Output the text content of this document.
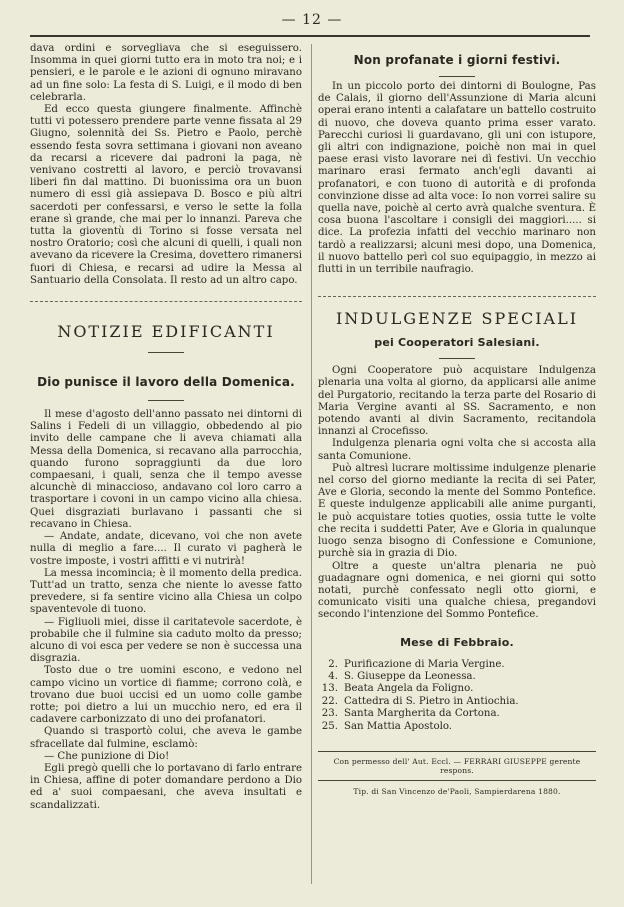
— 12 —

dava ordini e sorvegliava che si eseguissero. Insomma in quei giorni tutto era in moto tra noi; e i pensieri, e le parole e le azioni di ognuno miravano ad un fine solo: La festa di S. Luigi, e il modo di ben celebrarla.

Ed ecco questa giungere finalmente. Affinchè tutti vi potessero prendere parte venne fissata al 29 Giugno, solennità dei Ss. Pietro e Paolo, perchè essendo festa sovra settimana i giovani non aveano da recarsi a ricevere dai padroni la paga, nè venivano costretti al lavoro, e perciò trovavansi liberi fin dal mattino. Di buonissima ora un buon numero di essi già assiepava D. Bosco e più altri sacerdoti per confessarsi, e verso le sette la folla erane sì grande, che mai per lo innanzi. Pareva che tutta la gioventù di Torino si fosse versata nel nostro Oratorio; così che alcuni di quelli, i quali non avevano da ricevere la Cresima, dovettero rimanersi fuori di Chiesa, e recarsi ad udire la Messa al Santuario della Consolata. Il resto ad un altro capo.

NOTIZIE EDIFICANTI
Dio punisce il lavoro della Domenica.

Il mese d'agosto dell'anno passato nei dintorni di Salins i Fedeli di un villaggio, obbedendo al pio invito delle campane che li aveva chiamati alla Messa della Domenica, si recavano alla parrocchia, quando furono sopraggiunti da due loro compaesani, i quali, senza che il tempo avesse alcunchè di minaccioso, andavano col loro carro a trasportare i covoni in un campo vicino alla chiesa. Quei disgraziati burlavano i passanti che si recavano in Chiesa.

— Andate, andate, dicevano, voi che non avete nulla di meglio a fare.... Il curato vi pagherà le vostre imposte, i vostri affitti e vi nutrirà!

La messa incomincia; è il momento della predica. Tutt'ad un tratto, senza che niente lo avesse fatto prevedere, si fa sentire vicino alla Chiesa un colpo spaventevole di tuono.

— Figliuoli miei, disse il caritatevole sacerdote, è probabile che il fulmine sia caduto molto da presso; alcuno di voi esca per vedere se non è successa una disgrazia.

Tosto due o tre uomini escono, e vedono nel campo vicino un vortice di fiamme; corrono colà, e trovano due buoi uccisi ed un uomo colle gambe rotte; poi dietro a lui un mucchio nero, ed era il cadavere carbonizzato di uno dei profanatori.

Quando si trasportò colui, che aveva le gambe sfracellate dal fulmine, esclamò:

— Che punizione di Dio!

Egli pregò quelli che lo portavano di farlo entrare in Chiesa, affine di poter domandare perdono a Dio ed a' suoi compaesani, che aveva insultati e scandalizzati.

Non profanate i giorni festivi.

In un piccolo porto dei dintorni di Boulogne, Pas de Calais, il giorno dell'Assunzione di Maria alcuni operai erano intenti a calafatare un battello costruito di nuovo, che doveva quanto prima esser varato. Parecchi curiosi li guardavano, gli uni con istupore, gli altri con indignazione, poichè non mai in quel paese erasi visto lavorare nei dì festivi. Un vecchio marinaro erasi fermato anch'egli davanti ai profanatori, e con tuono di autorità e di profonda convinzione disse ad alta voce: Io non vorrei salire su quella nave, poichè al certo avrà qualche sventura. È cosa buona l'ascoltare i consigli dei maggiori..... si dice. La profezia infatti del vecchio marinaro non tardò a realizzarsi; alcuni mesi dopo, una Domenica, il nuovo battello perì col suo equipaggio, in mezzo ai flutti in un terribile naufragio.

INDULGENZE SPECIALI
pei Cooperatori Salesiani.

Ogni Cooperatore può acquistare Indulgenza plenaria una volta al giorno, da applicarsi alle anime del Purgatorio, recitando la terza parte del Rosario di Maria Vergine avanti al SS. Sacramento, e non potendo avanti al divin Sacramento, recitandola innanzi al Crocefisso.

Indulgenza plenaria ogni volta che si accosta alla santa Comunione.

Può altresì lucrare moltissime indulgenze plenarie nel corso del giorno mediante la recita di sei Pater, Ave e Gloria, secondo la mente del Sommo Pontefice. E queste indulgenze applicabili alle anime purganti, le può acquistare toties quoties, ossia tutte le volte che recita i suddetti Pater, Ave e Gloria in qualunque luogo senza bisogno di Confessione e Comunione, purchè sia in grazia di Dio.

Oltre a queste un'altra plenaria ne può guadagnare ogni domenica, e nei giorni qui sotto notati, purchè confessato negli otto giorni, e comunicato visiti una qualche chiesa, pregandovi secondo l'intenzione del Sommo Pontefice.

Mese di Febbraio.
2. Purificazione di Maria Vergine.
4. S. Giuseppe da Leonessa.
13. Beata Angela da Foligno.
22. Cattedra di S. Pietro in Antiochia.
23. Santa Margherita da Cortona.
25. San Mattia Apostolo.
Con permesso dell' Aut. Eccl. — FERRARI GIUSEPPE gerente respons.
Tip. di San Vincenzo de'Paoli, Sampierdarena 1880.
